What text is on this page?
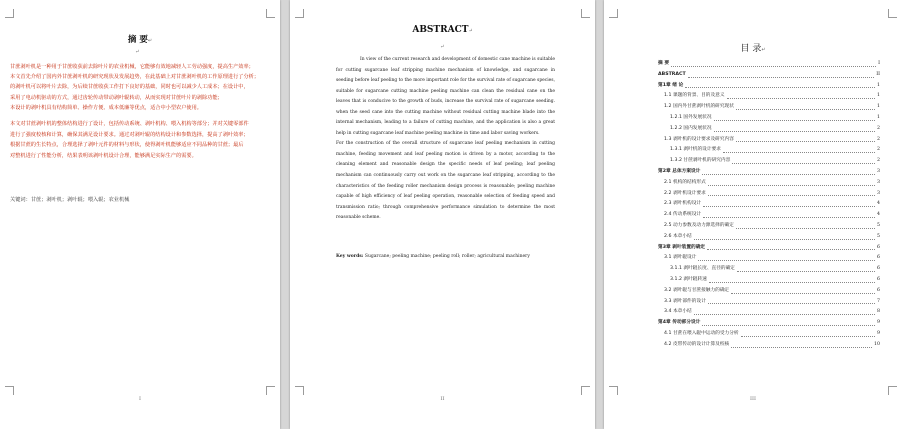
摘 要↵
↵
甘蔗剥叶机是一种用于甘蔗收获前去除叶片的农业机械，它能够有效地减轻人工劳动强度，提高生产效率；
本文首先介绍了国内外甘蔗剥叶机的研究现状及发展趋势，在此基础上对甘蔗剥叶机的工作原理进行了分析；
的剥叶机可以将叶片去除，为后续甘蔗收获工作打下良好的基础，同时也可以减少人工成本；在设计中，
采用了电动机驱动的方式，通过齿轮传动带动剥叶辊转动，从而实现对甘蔗叶片的剥除功能；
本设计的剥叶机具有结构简单、操作方便、成本低廉等优点，适合中小型农户使用。
本文对甘蔗剥叶机的整体结构进行了设计，包括传动系统、剥叶机构、喂入机构等部分；并对关键零部件
进行了强度校核和计算，确保其满足设计要求。通过对剥叶辊的结构设计和参数选择，提高了剥叶效率；
根据甘蔗的生长特点，合理选择了剥叶元件的材料与形状，使得剥叶机能够适应不同品种的甘蔗；最后
对整机进行了性能分析，结果表明该剥叶机设计合理，能够满足实际生产的需要。
关键词：甘蔗；剥叶机；剥叶辊；喂入辊；农业机械
I
ABSTRACT↵
↵

In view of the current research and development of domestic cane machine is suitable for cutting sugarcane leaf stripping machine mechanism of knowledge, and sugarcane in seeding before leaf peeling to the more important role for the survival rate of sugarcane species, suitable for sugarcane cutting machine peeling machine can clean the residual cane on the leaves that is conducive to the growth of buds, increase the survival rate of sugarcane seeding. when the seed cane into the cutting machine without residual cutting machine blade into the internal mechanism, leading to a failure of cutting machine, and the application is also a great help in cutting sugarcane leaf machine peeling machine in time and labor saving workers.

For the construction of the overall structure of sugarcane leaf peeling mechanism in cutting machine, feeding movement and leaf peeling motion is driven by a motor, according to the cleaning element and reasonable design the specific needs of leaf peeling; leaf peeling mechanism can continuously carry out work on the sugarcane leaf stripping, according to the characteristics of the feeding roller mechanism design process is reasonable; peeling machine capable of high efficiency of leaf peeling operation, reasonable selection of feeding speed and transmission ratio; through comprehensive performance simulation to determine the most reasonable scheme.

Key words: Sugarcane; peeling machine; peeling roll; roller; agricultural machinery
II
目 录↵
摘 要	I
ABSTRACT	II
第1章 绪 论	1
1.1 课题的背景、目的及意义	1
1.2 国内外甘蔗剥叶机的研究现状	1
1.2.1 国外发展状况	1
1.2.2 国内发展状况	2
1.3 剥叶机的设计要求及研究内容	2
1.3.1 剥叶机的设计要求	2
1.3.2 甘蔗剥叶机的研究内容	2
第2章 总体方案设计	3
2.1 机构的结构形式	3
2.2 剥叶机设计要求	3
2.3 剥叶机构设计	4
2.4 传动系统设计	4
2.5 动力参数及动力源选择的确定	5
2.6 本章小结	5
第3章 剥叶装置的确定	6
3.1 剥叶辊设计	6
3.1.1 剥叶辊长度、直径的确定	6
3.1.2 剥叶辊转速	6
3.2 剥叶辊与甘蔗接触力的确定	6
3.3 剥叶部件的设计	7
3.4 本章小结	8
第4章 传动部分设计	9
4.1 甘蔗在喂入辊中运动的受力分析	9
4.2 皮带传动的设计计算及校核	10
III
